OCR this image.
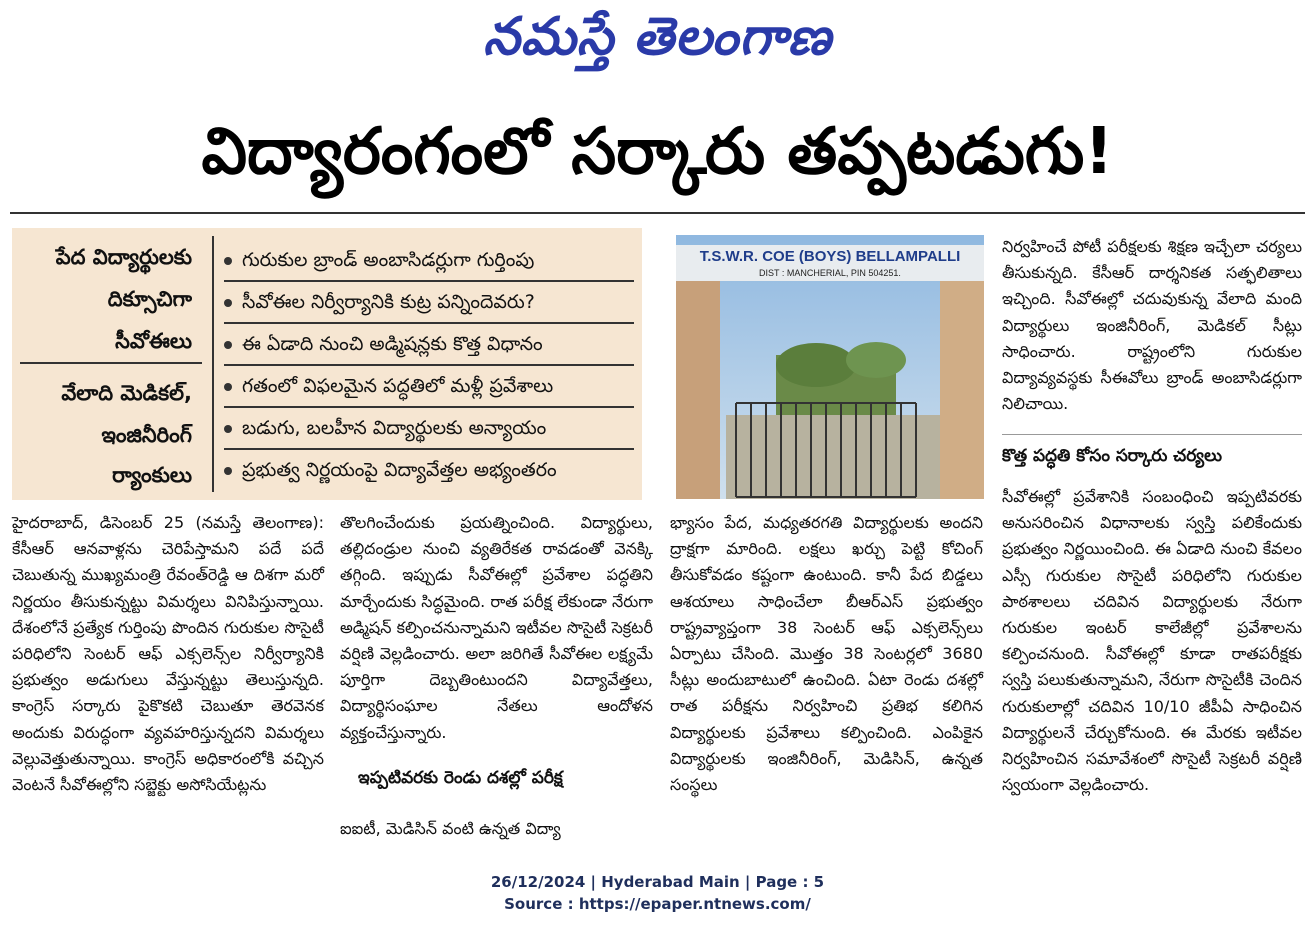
నమస్తే తెలంగాణ
విద్యారంగంలో సర్కారు తప్పటడుగు!
పేద విద్యార్థులకు
దిక్సూచిగా
సీవోఈలు
వేలాది మెడికల్,
ఇంజినీరింగ్
ర్యాంకులు
గురుకుల బ్రాండ్ అంబాసిడర్లుగా గుర్తింపు
సీవోఈల నిర్వీర్యానికి కుట్ర పన్నిందెవరు?
ఈ ఏడాది నుంచి అడ్మిషన్లకు కొత్త విధానం
గతంలో విఫలమైన పద్ధతిలో మళ్లీ ప్రవేశాలు
బడుగు, బలహీన విద్యార్థులకు అన్యాయం
ప్రభుత్వ నిర్ణయంపై విద్యావేత్తల అభ్యంతరం
T.S.W.R. COE (BOYS) BELLAMPALLI
DIST : MANCHERIAL, PIN 504251.
హైదరాబాద్, డిసెంబర్ 25 (నమస్తే తెలంగాణ): కేసీఆర్ ఆనవాళ్లను చెరిపేస్తామని పదే పదే చెబుతున్న ముఖ్యమంత్రి రేవంత్‌రెడ్డి ఆ దిశగా మరో నిర్ణయం తీసుకున్నట్టు విమర్శలు వినిపిస్తున్నాయి. దేశంలోనే ప్రత్యేక గుర్తింపు పొందిన గురుకుల సొసైటీ పరిధిలోని సెంటర్ ఆఫ్ ఎక్సలెన్స్‌ల నిర్వీర్యానికి ప్రభుత్వం అడుగులు వేస్తున్నట్టు తెలుస్తున్నది. కాంగ్రెస్ సర్కారు పైకొకటి చెబుతూ తెరవెనక అందుకు విరుద్ధంగా వ్యవహరిస్తున్నదని విమర్శలు వెల్లువెత్తుతున్నాయి. కాంగ్రెస్ అధికారంలోకి వచ్చిన వెంటనే సీవోఈల్లోని సబ్జెక్టు అసోసియేట్లను
తొలగించేందుకు ప్రయత్నించింది. విద్యార్థులు, తల్లిదండ్రుల నుంచి వ్యతిరేకత రావడంతో వెనక్కి తగ్గింది. ఇప్పుడు సీవోఈల్లో ప్రవేశాల పద్ధతిని మార్చేందుకు సిద్ధమైంది. రాత పరీక్ష లేకుండా నేరుగా అడ్మిషన్ కల్పించనున్నామని ఇటీవల సొసైటీ సెక్రటరీ వర్షిణి వెల్లడించారు. అలా జరిగితే సీవోఈల లక్ష్యమే పూర్తిగా దెబ్బతింటుందని విద్యావేత్తలు, విద్యార్థిసంఘాల నేతలు ఆందోళన వ్యక్తంచేస్తున్నారు.
ఇప్పటివరకు రెండు దశల్లో పరీక్ష
ఐఐటీ, మెడిసిన్ వంటి ఉన్నత విద్యా
భ్యాసం పేద, మధ్యతరగతి విద్యార్థులకు అందని ద్రాక్షగా మారింది. లక్షలు ఖర్చు పెట్టి కోచింగ్ తీసుకోవడం కష్టంగా ఉంటుంది. కానీ పేద బిడ్డలు ఆశయాలు సాధించేలా బీఆర్‌ఎస్ ప్రభుత్వం రాష్ట్రవ్యాప్తంగా 38 సెంటర్ ఆఫ్ ఎక్సలెన్స్‌లు ఏర్పాటు చేసింది. మొత్తం 38 సెంటర్లలో 3680 సీట్లు అందుబాటులో ఉంచింది. ఏటా రెండు దశల్లో రాత పరీక్షను నిర్వహించి ప్రతిభ కలిగిన విద్యార్థులకు ప్రవేశాలు కల్పించింది. ఎంపికైన విద్యార్థులకు ఇంజినీరింగ్, మెడిసిన్, ఉన్నత సంస్థలు
నిర్వహించే పోటీ పరీక్షలకు శిక్షణ ఇచ్చేలా చర్యలు తీసుకున్నది. కేసీఆర్ దార్శనికత సత్ఫలితాలు ఇచ్చింది. సీవోఈల్లో చదువుకున్న వేలాది మంది విద్యార్థులు ఇంజినీరింగ్, మెడికల్ సీట్లు సాధించారు. రాష్ట్రంలోని గురుకుల విద్యావ్యవస్థకు సీఈవోలు బ్రాండ్ అంబాసిడర్లుగా నిలిచాయి.
కొత్త పద్ధతి కోసం సర్కారు చర్యలు
సీవోఈల్లో ప్రవేశానికి సంబంధించి ఇప్పటివరకు అనుసరించిన విధానాలకు స్వస్తి పలికేందుకు ప్రభుత్వం నిర్ణయించింది. ఈ ఏడాది నుంచి కేవలం ఎస్సీ గురుకుల సొసైటీ పరిధిలోని గురుకుల పాఠశాలలు చదివిన విద్యార్థులకు నేరుగా గురుకుల ఇంటర్ కాలేజీల్లో ప్రవేశాలను కల్పించనుంది. సీవోఈల్లో కూడా రాతపరీక్షకు స్వస్తి పలుకుతున్నామని, నేరుగా సొసైటీకి చెందిన గురుకులాల్లో చదివిన 10/10 జీపీఏ సాధించిన విద్యార్థులనే చేర్చుకోనుంది. ఈ మేరకు ఇటీవల నిర్వహించిన సమావేశంలో సొసైటీ సెక్రటరీ వర్షిణి స్వయంగా వెల్లడించారు.
26/12/2024 | Hyderabad Main | Page : 5
Source : https://epaper.ntnews.com/
